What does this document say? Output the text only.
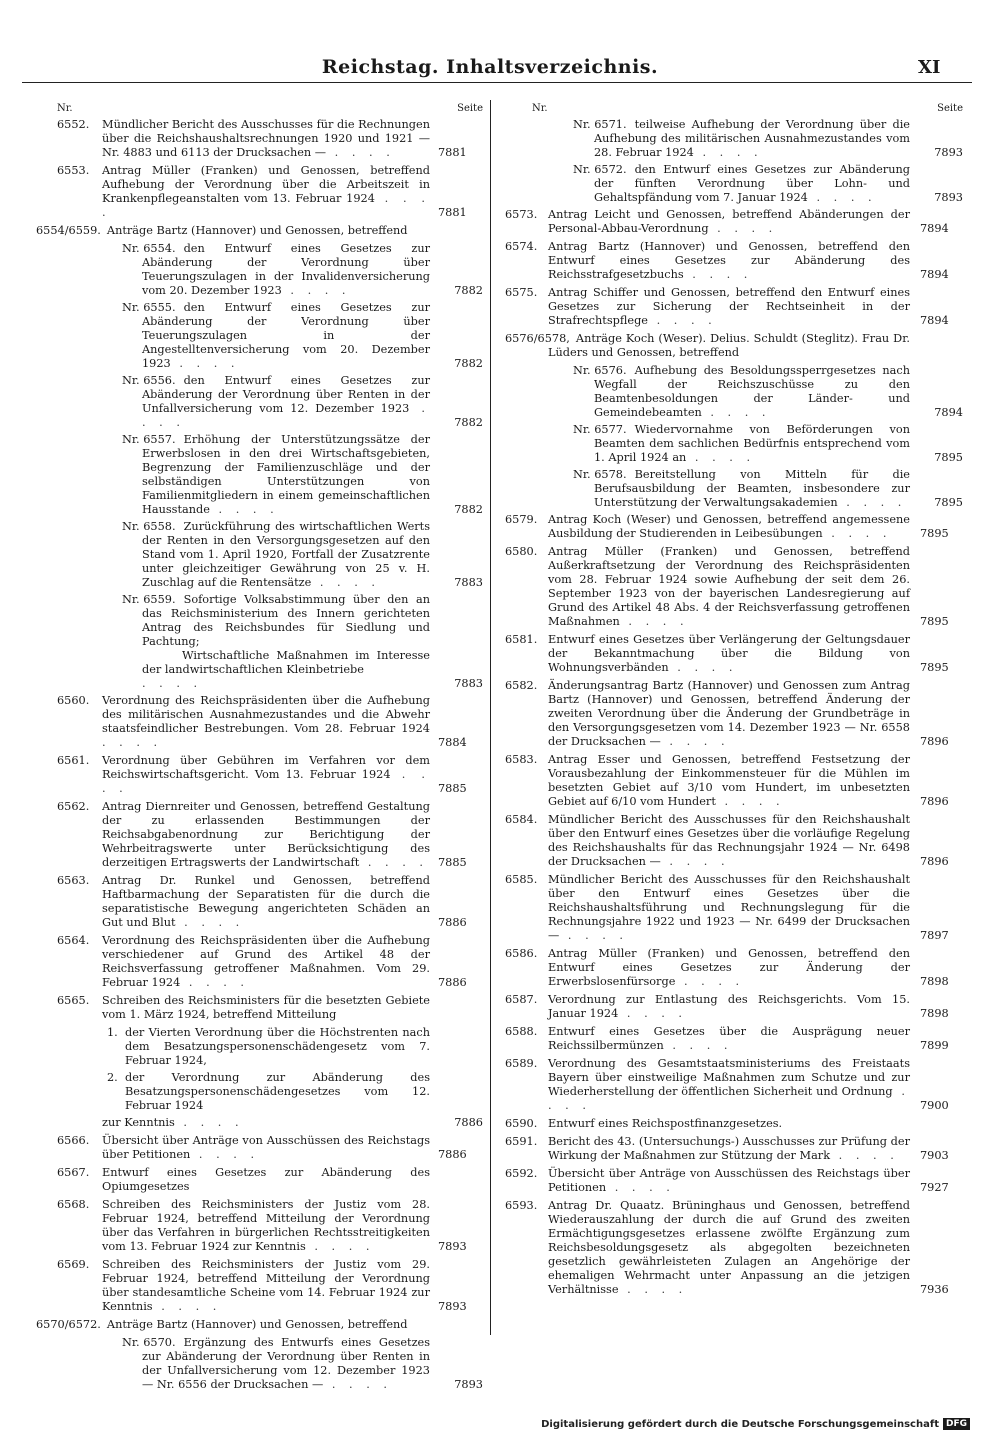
Reichstag. Inhaltsverzeichnis.	XI
Nr.	Seite
6552. Mündlicher Bericht des Ausschusses für die Rechnungen über die Reichshaushaltsrechnungen 1920 und 1921 — Nr. 4883 und 6113 der Drucksachen — . . . .	7881
6553. Antrag Müller (Franken) und Genossen, betreffend Aufhebung der Verordnung über die Arbeitszeit in Krankenpflegeanstalten vom 13. Februar 1924 . . . .	7881
6554/6559. Anträge Bartz (Hannover) und Genossen, betreffend
Nr. 6554. den Entwurf eines Gesetzes zur Abänderung der Verordnung über Teuerungszulagen in der Invalidenversicherung vom 20. Dezember 1923 . . . .	7882
Nr. 6555. den Entwurf eines Gesetzes zur Abänderung der Verordnung über Teuerungszulagen in der Angestelltenversicherung vom 20. Dezember 1923 . . . .	7882
Nr. 6556. den Entwurf eines Gesetzes zur Abänderung der Verordnung über Renten in der Unfallversicherung vom 12. Dezember 1923 . . . .	7882
Nr. 6557. Erhöhung der Unterstützungssätze der Erwerbslosen in den drei Wirtschaftsgebieten, Begrenzung der Familienzuschläge und der selbständigen Unterstützungen von Familienmitgliedern in einem gemeinschaftlichen Hausstande . . . .	7882
Nr. 6558. Zurückführung des wirtschaftlichen Werts der Renten in den Versorgungsgesetzen auf den Stand vom 1. April 1920, Fortfall der Zusatzrente unter gleichzeitiger Gewährung von 25 v. H. Zuschlag auf die Rentensätze . . . .	7883
Nr. 6559. Sofortige Volksabstimmung über den an das Reichsministerium des Innern gerichteten Antrag des Reichsbundes für Siedlung und Pachtung;
Wirtschaftliche Maßnahmen im Interesse der landwirtschaftlichen Kleinbetriebe
. . . .	7883
6560. Verordnung des Reichspräsidenten über die Aufhebung des militärischen Ausnahmezustandes und die Abwehr staatsfeindlicher Bestrebungen. Vom 28. Februar 1924 . . . .	7884
6561. Verordnung über Gebühren im Verfahren vor dem Reichswirtschaftsgericht. Vom 13. Februar 1924 . . . .	7885
6562. Antrag Diernreiter und Genossen, betreffend Gestaltung der zu erlassenden Bestimmungen der Reichsabgabenordnung zur Berichtigung der Wehrbeitragswerte unter Berücksichtigung des derzeitigen Ertragswerts der Landwirtschaft . . . . 7885
6563. Antrag Dr. Runkel und Genossen, betreffend Haftbarmachung der Separatisten für die durch die separatistische Bewegung angerichteten Schäden an Gut und Blut . . . .	7886
6564. Verordnung des Reichspräsidenten über die Aufhebung verschiedener auf Grund des Artikel 48 der Reichsverfassung getroffener Maßnahmen. Vom 29. Februar 1924 . . . .	7886
6565. Schreiben des Reichsministers für die besetzten Gebiete vom 1. März 1924, betreffend Mitteilung
1. der Vierten Verordnung über die Höchstrenten nach dem Besatzungspersonenschädengesetz vom 7. Februar 1924,
2. der Verordnung zur Abänderung des Besatzungspersonenschädengesetzes vom 12. Februar 1924
zur Kenntnis . . . .	7886
6566. Übersicht über Anträge von Ausschüssen des Reichstags über Petitionen . . . .	7886
6567. Entwurf eines Gesetzes zur Abänderung des Opiumgesetzes
6568. Schreiben des Reichsministers der Justiz vom 28. Februar 1924, betreffend Mitteilung der Verordnung über das Verfahren in bürgerlichen Rechtsstreitigkeiten vom 13. Februar 1924 zur Kenntnis . . . .	7893
6569. Schreiben des Reichsministers der Justiz vom 29. Februar 1924, betreffend Mitteilung der Verordnung über standesamtliche Scheine vom 14. Februar 1924 zur Kenntnis . . . .	7893
6570/6572. Anträge Bartz (Hannover) und Genossen, betreffend
Nr. 6570. Ergänzung des Entwurfs eines Gesetzes zur Abänderung der Verordnung über Renten in der Unfallversicherung vom 12. Dezember 1923 — Nr. 6556 der Drucksachen — . . . .	7893
Nr.	Seite
Nr. 6571. teilweise Aufhebung der Verordnung über die Aufhebung des militärischen Ausnahmezustandes vom 28. Februar 1924 . . . .	7893
Nr. 6572. den Entwurf eines Gesetzes zur Abänderung der fünften Verordnung über Lohn- und Gehaltspfändung vom 7. Januar 1924 . . . .	7893
6573. Antrag Leicht und Genossen, betreffend Abänderungen der Personal-Abbau-Verordnung . . . .	7894
6574. Antrag Bartz (Hannover) und Genossen, betreffend den Entwurf eines Gesetzes zur Abänderung des Reichsstrafgesetzbuchs . . . .	7894
6575. Antrag Schiffer und Genossen, betreffend den Entwurf eines Gesetzes zur Sicherung der Rechtseinheit in der Strafrechtspflege . . . .	7894
6576/6578, Anträge Koch (Weser). Delius. Schuldt (Steglitz). Frau Dr. Lüders und Genossen, betreffend
Nr. 6576. Aufhebung des Besoldungssperrgesetzes nach Wegfall der Reichszuschüsse zu den Beamtenbesoldungen der Länder- und Gemeindebeamten . . . .	7894
Nr. 6577. Wiedervornahme von Beförderungen von Beamten dem sachlichen Bedürfnis entsprechend vom 1. April 1924 an . . . .	7895
Nr. 6578. Bereitstellung von Mitteln für die Berufsausbildung der Beamten, insbesondere zur Unterstützung der Verwaltungsakademien . . . . 7895
6579. Antrag Koch (Weser) und Genossen, betreffend angemessene Ausbildung der Studierenden in Leibesübungen . . . .	7895
6580. Antrag Müller (Franken) und Genossen, betreffend Außerkraftsetzung der Verordnung des Reichspräsidenten vom 28. Februar 1924 sowie Aufhebung der seit dem 26. September 1923 von der bayerischen Landesregierung auf Grund des Artikel 48 Abs. 4 der Reichsverfassung getroffenen Maßnahmen . . . .	7895
6581. Entwurf eines Gesetzes über Verlängerung der Geltungsdauer der Bekanntmachung über die Bildung von Wohnungsverbänden . . . .	7895
6582. Änderungsantrag Bartz (Hannover) und Genossen zum Antrag Bartz (Hannover) und Genossen, betreffend Änderung der zweiten Verordnung über die Änderung der Grundbeträge in den Versorgungsgesetzen vom 14. Dezember 1923 — Nr. 6558 der Drucksachen — . . . .	7896
6583. Antrag Esser und Genossen, betreffend Festsetzung der Vorausbezahlung der Einkommensteuer für die Mühlen im besetzten Gebiet auf 3/10 vom Hundert, im unbesetzten Gebiet auf 6/10 vom Hundert . . . .	7896
6584. Mündlicher Bericht des Ausschusses für den Reichshaushalt über den Entwurf eines Gesetzes über die vorläufige Regelung des Reichshaushalts für das Rechnungsjahr 1924 — Nr. 6498 der Drucksachen — . . . .	7896
6585. Mündlicher Bericht des Ausschusses für den Reichshaushalt über den Entwurf eines Gesetzes über die Reichshaushaltsführung und Rechnungslegung für die Rechnungsjahre 1922 und 1923 — Nr. 6499 der Drucksachen — . . . .	7897
6586. Antrag Müller (Franken) und Genossen, betreffend den Entwurf eines Gesetzes zur Änderung der Erwerbslosenfürsorge . . . .	7898
6587. Verordnung zur Entlastung des Reichsgerichts. Vom 15. Januar 1924 . . . .	7898
6588. Entwurf eines Gesetzes über die Ausprägung neuer Reichssilbermünzen . . . .	7899
6589. Verordnung des Gesamtstaatsministeriums des Freistaats Bayern über einstweilige Maßnahmen zum Schutze und zur Wiederherstellung der öffentlichen Sicherheit und Ordnung . . . .	7900
6590. Entwurf eines Reichspostfinanzgesetzes.
6591. Bericht des 43. (Untersuchungs-) Ausschusses zur Prüfung der Wirkung der Maßnahmen zur Stützung der Mark . . . . 7903
6592. Übersicht über Anträge von Ausschüssen des Reichstags über Petitionen . . . .	7927
6593. Antrag Dr. Quaatz. Brüninghaus und Genossen, betreffend Wiederauszahlung der durch die auf Grund des zweiten Ermächtigungsgesetzes erlassene zwölfte Ergänzung zum Reichsbesoldungsgesetz als abgegolten bezeichneten gesetzlich gewährleisteten Zulagen an Angehörige der ehemaligen Wehrmacht unter Anpassung an die jetzigen Verhältnisse . . . .	7936
Digitalisierung gefördert durch die Deutsche Forschungsgemeinschaft DFG
